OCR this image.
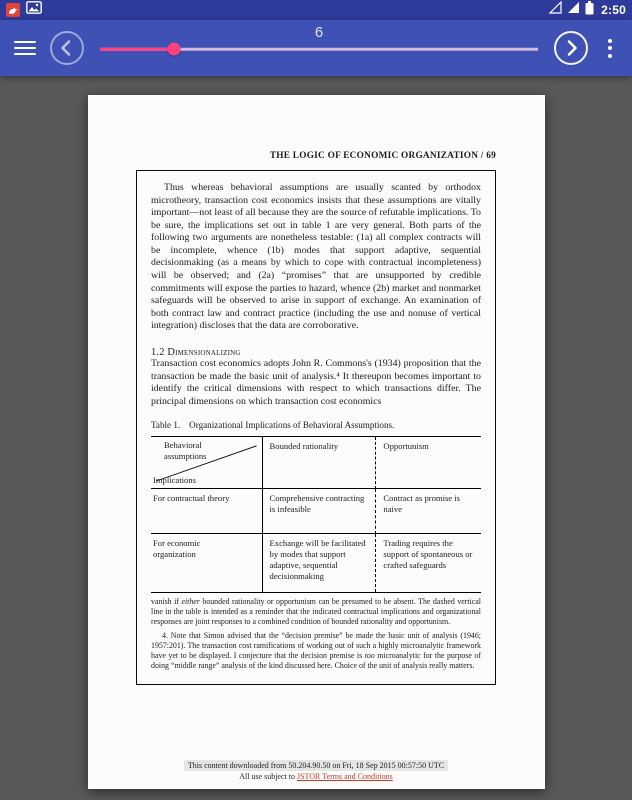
2:50
6
THE LOGIC OF ECONOMIC ORGANIZATION / 69

Thus whereas behavioral assumptions are usually scanted by orthodox microtheory, transaction cost economics insists that these assumptions are vitally important—not least of all because they are the source of refutable implications. To be sure, the implications set out in table 1 are very general. Both parts of the following two arguments are nonetheless testable: (1a) all complex contracts will be incomplete, whence (1b) modes that support adaptive, sequential decisionmaking (as a means by which to cope with contractual incompleteness) will be observed; and (2a) “promises” that are unsupported by credible commitments will expose the parties to hazard, whence (2b) market and nonmarket safeguards will be observed to arise in support of exchange. An examination of both contract law and contract practice (including the use and nonuse of vertical integration) discloses that the data are corroborative.

1.2 Dimensionalizing

Transaction cost economics adopts John R. Commons's (1934) proposition that the transaction be made the basic unit of analysis.⁴ It thereupon becomes important to identify the critical dimensions with respect to which transactions differ. The principal dimensions on which transaction cost economics

Table 1. Organizational Implications of Behavioral Assumptions.
Behavioral assumptions
Implications
Bounded rationality	Opportunism
For contractual theory	Comprehensive contracting is infeasible
Contract as promise is naive
For economic organization
Exchange will be facilitated by modes that support adaptive, sequential decisionmaking
Trading requires the support of spontaneous or crafted safeguards

vanish if either bounded rationality or opportunism can be presumed to be absent. The dashed vertical line in the table is intended as a reminder that the indicated contractual implications and organizational responses are joint responses to a combined condition of bounded rationality and opportunism.

4. Note that Simon advised that the “decision premise” be made the basic unit of analysis (1946; 1957:201). The transaction cost ramifications of working out of such a highly microanalytic framework have yet to be displayed. I conjecture that the decision premise is too microanalytic for the purpose of doing “middle range” analysis of the kind discussed here. Choice of the unit of analysis really matters.

This content downloaded from 50.204.90.50 on Fri, 18 Sep 2015 00:57:50 UTC
All use subject to JSTOR Terms and Conditions
